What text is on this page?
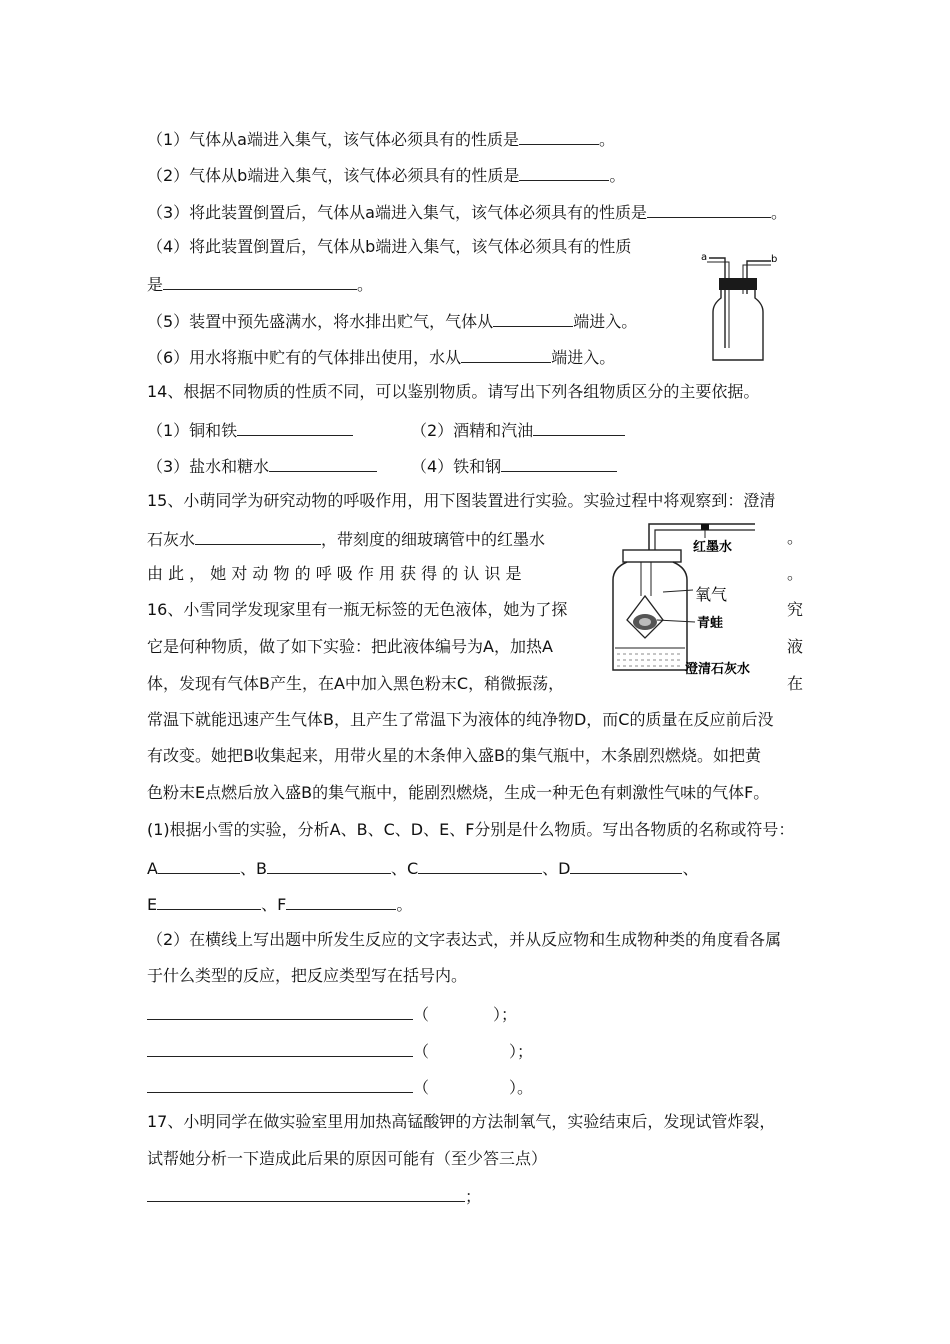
（1）气体从a端进入集气，该气体必须具有的性质是	。
（2）气体从b端进入集气，该气体必须具有的性质是	。
（3）将此装置倒置后，气体从a端进入集气，该气体必须具有的性质是	。
（4）将此装置倒置后，气体从b端进入集气，该气体必须具有的性质
是	。
（5）装置中预先盛满水，将水排出贮气，气体从	端进入。
（6）用水将瓶中贮有的气体排出使用，水从	端进入。
a	b
14、根据不同物质的性质不同，可以鉴别物质。请写出下列各组物质区分的主要依据。
（1）铜和铁	（2）酒精和汽油
（3）盐水和糖水	（4）铁和钢
15、小萌同学为研究动物的呼吸作用，用下图装置进行实验。实验过程中将观察到：澄清
石灰水	，带刻度的细玻璃管中的红墨水	。
由 此 ， 她 对 动 物 的 呼 吸 作 用 获 得 的 认 识 是	。
红墨水
氧气
青蛙
澄清石灰水
16、小雪同学发现家里有一瓶无标签的无色液体，她为了探	究
它是何种物质，做了如下实验：把此液体编号为A，加热A	液
体，发现有气体B产生，在A中加入黑色粉末C，稍微振荡，	在
常温下就能迅速产生气体B，且产生了常温下为液体的纯净物D，而C的质量在反应前后没
有改变。她把B收集起来，用带火星的木条伸入盛B的集气瓶中，木条剧烈燃烧。如把黄
色粉末E点燃后放入盛B的集气瓶中，能剧烈燃烧，生成一种无色有刺激性气味的气体F。
(1)根据小雪的实验，分析A、B、C、D、E、F分别是什么物质。写出各物质的名称或符号：
A	、B	、C	、D	、
E	、F	。
（2）在横线上写出题中所发生反应的文字表达式，并从反应物和生成物种类的角度看各属
于什么类型的反应，把反应类型写在括号内。
（　　　　）；
（　　　　　）；
（　　　　　）。
17、小明同学在做实验室里用加热高锰酸钾的方法制氧气，实验结束后，发现试管炸裂，
试帮她分析一下造成此后果的原因可能有（至少答三点）
；
